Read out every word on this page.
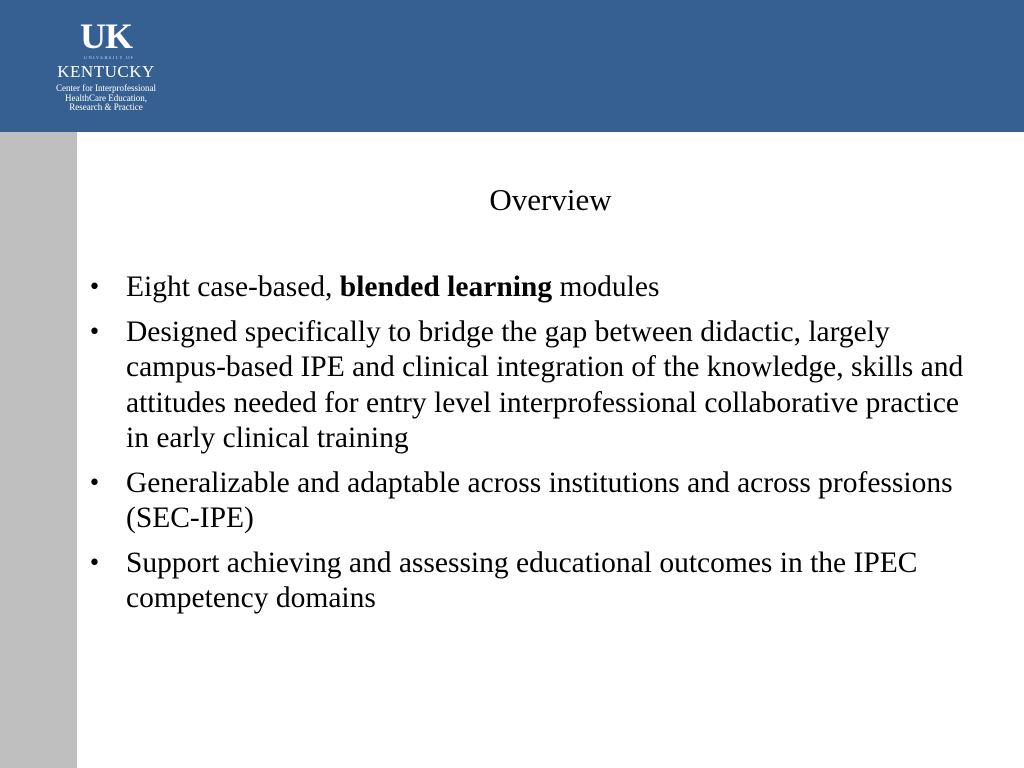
UK
UNIVERSITY OF
KENTUCKY
Center for Interprofessional
HealthCare Education,
Research & Practice
Overview
• Eight case-based, blended learning modules
• Designed specifically to bridge the gap between didactic, largely campus-based IPE and clinical integration of the knowledge, skills and attitudes needed for entry level interprofessional collaborative practice in early clinical training
• Generalizable and adaptable across institutions and across professions (SEC-IPE)
• Support achieving and assessing educational outcomes in the IPEC competency domains
